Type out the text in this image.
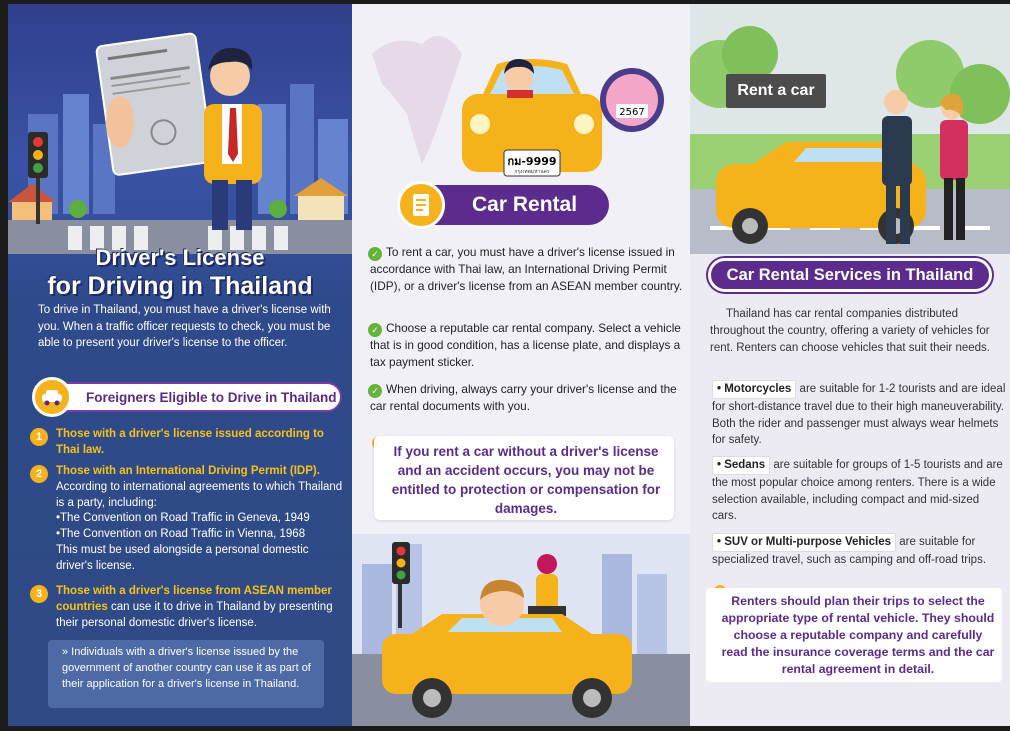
Driver's License
for Driving in Thailand
To drive in Thailand, you must have a driver's license with you. When a traffic officer requests to check, you must be able to present your driver's license to the officer.
Foreigners Eligible to Drive in Thailand
1	Those with a driver's license issued according to Thai law.
2	Those with an International Driving Permit (IDP).
According to international agreements to which Thailand is a party, including:
•The Convention on Road Traffic in Geneva, 1949
•The Convention on Road Traffic in Vienna, 1968
This must be used alongside a personal domestic driver's license.
3	Those with a driver's license from ASEAN member countries can use it to drive in Thailand by presenting their personal domestic driver's license.
» Individuals with a driver's license issued by the government of another country can use it as part of their application for a driver's license in Thailand.
กม-9999
กรุงเทพมหานคร
2567
Car Rental
✓ To rent a car, you must have a driver's license issued in accordance with Thai law, an International Driving Permit (IDP), or a driver's license from an ASEAN member country.
✓ Choose a reputable car rental company. Select a vehicle that is in good condition, has a license plate, and displays a tax payment sticker.
✓ When driving, always carry your driver's license and the car rental documents with you.
If you rent a car without a driver's license and an accident occurs, you may not be entitled to protection or compensation for damages.
Rent a car
Car Rental Services in Thailand
Thailand has car rental companies distributed throughout the country, offering a variety of vehicles for rent. Renters can choose vehicles that suit their needs.
• Motorcycles are suitable for 1-2 tourists and are ideal for short-distance travel due to their high maneuverability. Both the rider and passenger must always wear helmets for safety.
• Sedans are suitable for groups of 1-5 tourists and are the most popular choice among renters. There is a wide selection available, including compact and mid-sized cars.
• SUV or Multi-purpose Vehicles are suitable for specialized travel, such as camping and off-road trips.
Renters should plan their trips to select the appropriate type of rental vehicle. They should choose a reputable company and carefully read the insurance coverage terms and the car rental agreement in detail.
